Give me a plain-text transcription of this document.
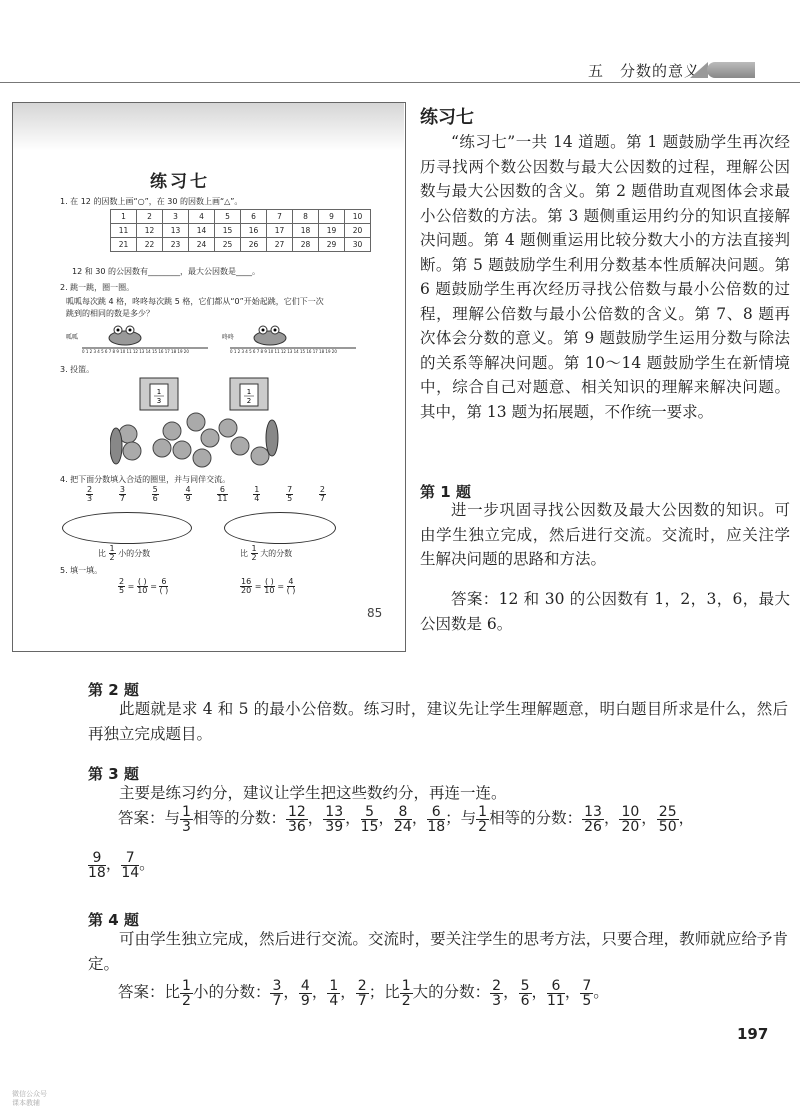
五　分数的意义
练习七
1. 在 12 的因数上画“○”，在 30 的因数上画“△”。
1	2	3	4	5	6	7	8	9	10
11	12	13	14	15	16	17	18	19	20
21	22	23	24	25	26	27	28	29	30
12 和 30 的公因数有________，最大公因数是____。
2. 跳一跳，圈一圈。
呱呱每次跳 4 格，咚咚每次跳 5 格，它们都从“0”开始起跳，它们下一次
跳到的相同的数是多少？
呱呱	咚咚
0 1 2 3 4 5 6 7 8 9 10 11 12 13 14 15 16 17 18 19 20	0 1 2 3 4 5 6 7 8 9 10 11 12 13 14 15 16 17 18 19 20
3. 投篮。
1
3
1
2
4. 把下面分数填入合适的圈里，并与同伴交流。
$\frac{2}{3}$	$\frac{3}{7}$	$\frac{5}{6}$	$\frac{4}{9}$	$\frac{6}{11}$	$\frac{1}{4}$	$\frac{7}{5}$	$\frac{2}{7}$
比 $\frac{1}{2}$ 小的分数	比 $\frac{1}{2}$ 大的分数
5. 填一填。
$\frac{2}{5} = \frac{( )}{10} = \frac{6}{( )}$	$\frac{16}{20} = \frac{( )}{10} = \frac{4}{( )}$
85
练习七
“练习七”一共 14 道题。第 1 题鼓励学生再次经历寻找两个数公因数与最大公因数的过程，理解公因数与最大公因数的含义。第 2 题借助直观图体会求最小公倍数的方法。第 3 题侧重运用约分的知识直接解决问题。第 4 题侧重运用比较分数大小的方法直接判断。第 5 题鼓励学生利用分数基本性质解决问题。第 6 题鼓励学生再次经历寻找公倍数与最小公倍数的过程，理解公倍数与最小公倍数的含义。第 7、8 题再次体会分数的意义。第 9 题鼓励学生运用分数与除法的关系等解决问题。第 10～14 题鼓励学生在新情境中，综合自己对题意、相关知识的理解来解决问题。其中，第 13 题为拓展题，不作统一要求。
第 1 题
进一步巩固寻找公因数及最大公因数的知识。可由学生独立完成，然后进行交流。交流时，应关注学生解决问题的思路和方法。
答案：12 和 30 的公因数有 1，2，3，6，最大公因数是 6。
第 2 题
此题就是求 4 和 5 的最小公倍数。练习时，建议先让学生理解题意，明白题目所求是什么，然后再独立完成题目。
第 3 题
主要是练习约分，建议让学生把这些数约分，再连一连。
答案：与 $\frac{1}{3}$ 相等的分数： $\frac{12}{36}$ ， $\frac{13}{39}$ ， $\frac{5}{15}$ ， $\frac{8}{24}$ ， $\frac{6}{18}$ ；与 $\frac{1}{2}$ 相等的分数： $\frac{13}{26}$ ， $\frac{10}{20}$ ， $\frac{25}{50}$ ，
$\frac{9}{18}$ ， $\frac{7}{14}$ 。
第 4 题
可由学生独立完成，然后进行交流。交流时，要关注学生的思考方法，只要合理，教师就应给予肯定。
答案：比 $\frac{1}{2}$ 小的分数： $\frac{3}{7}$ ， $\frac{4}{9}$ ， $\frac{1}{4}$ ， $\frac{2}{7}$ ；比 $\frac{1}{2}$ 大的分数： $\frac{2}{3}$ ， $\frac{5}{6}$ ， $\frac{6}{11}$ ， $\frac{7}{5}$ 。
197
微信公众号
课本教辅
